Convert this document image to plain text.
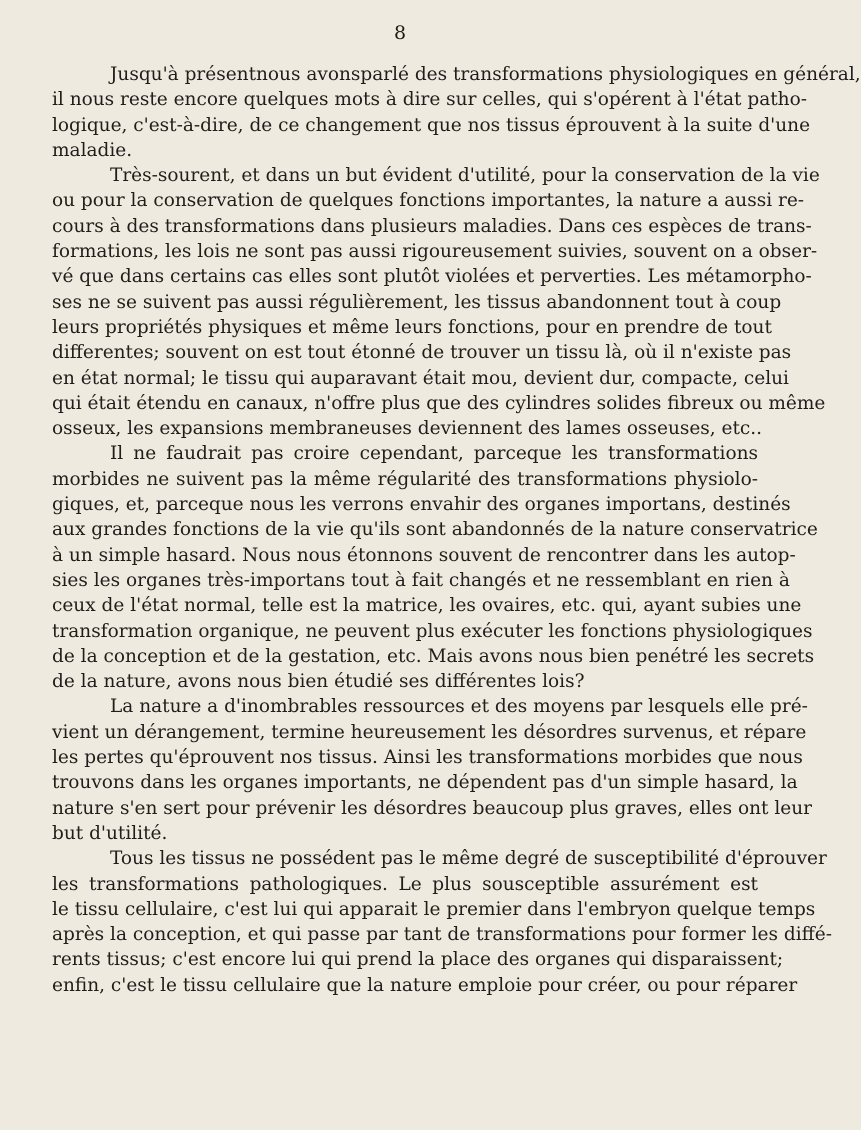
8
Jusqu'à présentnous avonsparlé des transformations physiologiques en général,
il nous reste encore quelques mots à dire sur celles, qui s'opérent à l'état patho-
logique, c'est-à-dire, de ce changement que nos tissus éprouvent à la suite d'une
maladie.
Très-sourent, et dans un but évident d'utilité, pour la conservation de la vie
ou pour la conservation de quelques fonctions importantes, la nature a aussi re-
cours à des transformations dans plusieurs maladies. Dans ces espèces de trans-
formations, les lois ne sont pas aussi rigoureusement suivies, souvent on a obser-
vé que dans certains cas elles sont plutôt violées et perverties. Les métamorpho-
ses ne se suivent pas aussi régulièrement, les tissus abandonnent tout à coup
leurs propriétés physiques et même leurs fonctions, pour en prendre de tout
differentes; souvent on est tout étonné de trouver un tissu là, où il n'existe pas
en état normal; le tissu qui auparavant était mou, devient dur, compacte, celui
qui était étendu en canaux, n'offre plus que des cylindres solides fibreux ou même
osseux, les expansions membraneuses deviennent des lames osseuses, etc..
Il ne faudrait pas croire cependant, parceque les transformations
morbides ne suivent pas la même régularité des transformations physiolo-
giques, et, parceque nous les verrons envahir des organes importans, destinés
aux grandes fonctions de la vie qu'ils sont abandonnés de la nature conservatrice
à un simple hasard. Nous nous étonnons souvent de rencontrer dans les autop-
sies les organes très-importans tout à fait changés et ne ressemblant en rien à
ceux de l'état normal, telle est la matrice, les ovaires, etc. qui, ayant subies une
transformation organique, ne peuvent plus exécuter les fonctions physiologiques
de la conception et de la gestation, etc. Mais avons nous bien penétré les secrets
de la nature, avons nous bien étudié ses différentes lois?
La nature a d'inombrables ressources et des moyens par lesquels elle pré-
vient un dérangement, termine heureusement les désordres survenus, et répare
les pertes qu'éprouvent nos tissus. Ainsi les transformations morbides que nous
trouvons dans les organes importants, ne dépendent pas d'un simple hasard, la
nature s'en sert pour prévenir les désordres beaucoup plus graves, elles ont leur
but d'utilité.
Tous les tissus ne possédent pas le même degré de susceptibilité d'éprouver
les transformations pathologiques. Le plus sousceptible assurément est
le tissu cellulaire, c'est lui qui apparait le premier dans l'embryon quelque temps
après la conception, et qui passe par tant de transformations pour former les diffé-
rents tissus; c'est encore lui qui prend la place des organes qui disparaissent;
enfin, c'est le tissu cellulaire que la nature emploie pour créer, ou pour réparer
